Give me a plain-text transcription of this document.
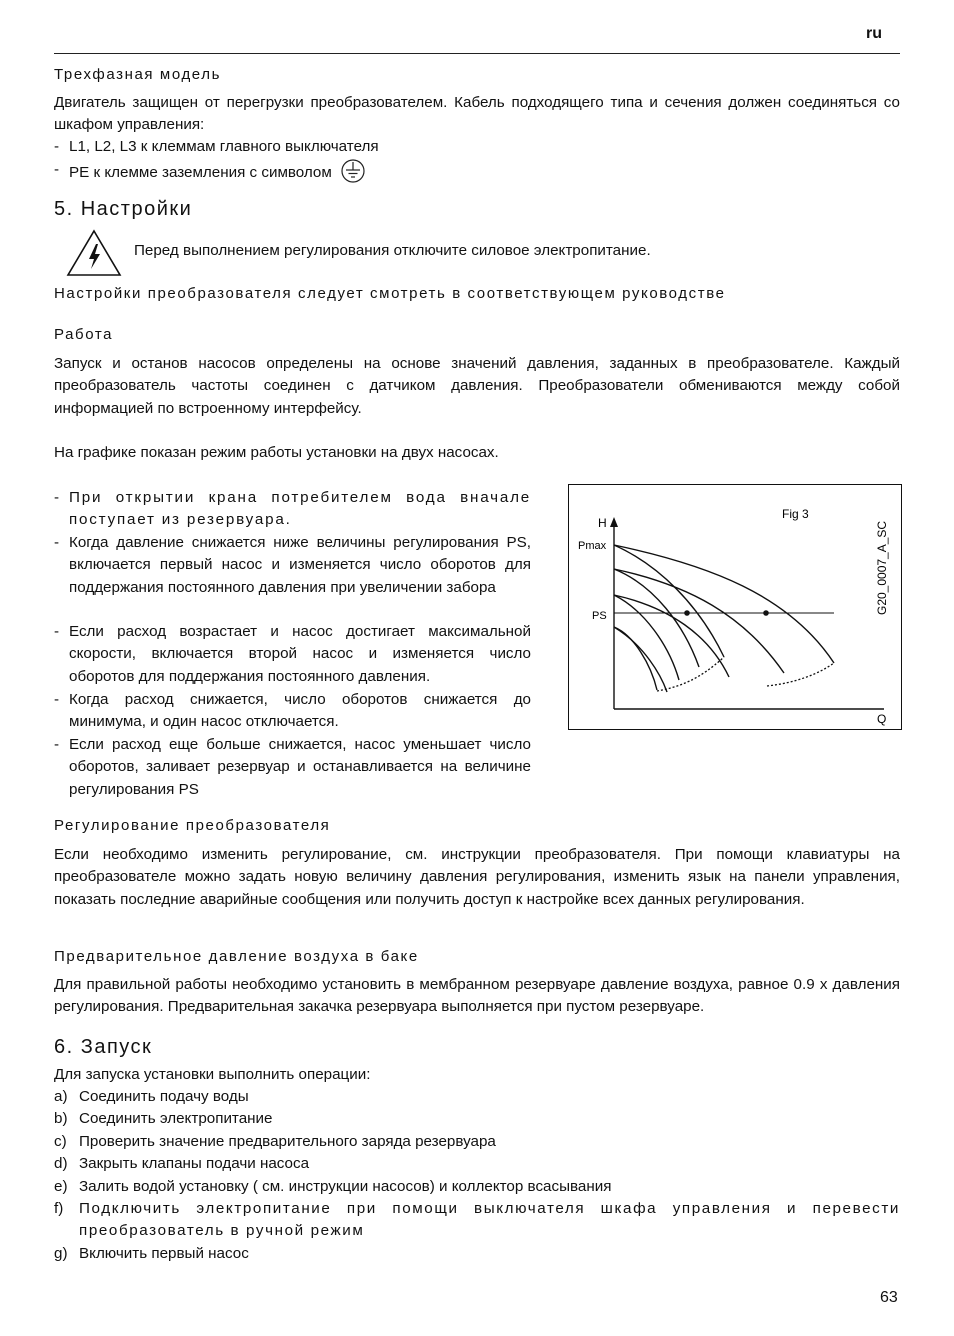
ru
Трехфазная модель
Двигатель защищен от перегрузки преобразователем. Кабель подходящего типа и сечения должен соединяться со шкафом управления:
- L1, L2, L3 к клеммам главного выключателя
- PE к клемме заземления с символом
5. Настройки
Перед выполнением регулирования отключите силовое электропитание.
Настройки преобразователя следует смотреть в соответствующем руководстве
Работа
Запуск и останов насосов определены на основе значений давления, заданных в преобразователе. Каждый преобразователь частоты соединен с датчиком давления. Преобразователи обмениваются между собой информацией по встроенному интерфейсу.
На графике показан режим работы установки на двух насосах.
- При открытии крана потребителем вода вначале поступает из резервуара.
- Когда давление снижается ниже величины регулирования PS, включается первый насос и изменяется число оборотов для поддержания постоянного давления при увеличении забора
- Если расход возрастает и насос достигает максимальной скорости, включается второй насос и изменяется число оборотов для поддержания постоянного давления.
- Когда расход снижается, число оборотов снижается до минимума, и один насос отключается.
- Если расход еще больше снижается, насос уменьшает число оборотов, заливает резервуар и останавливается на величине регулирования PS
Fig 3
G20_0007_A_SC
H
Q
Pmax
PS
Регулирование преобразователя
Если необходимо изменить регулирование, см. инструкции преобразователя. При помощи клавиатуры на преобразователе можно задать новую величину давления регулирования, изменить язык на панели управления, показать последние аварийные сообщения или получить доступ к настройке всех данных регулирования.
Предварительное давление воздуха в баке
Для правильной работы необходимо установить в мембранном резервуаре давление воздуха, равное 0.9 х давления регулирования. Предварительная закачка резервуара выполняется при пустом резервуаре.
6. Запуск
Для запуска установки выполнить операции:
a) Соединить подачу воды
b) Соединить электропитание
c) Проверить значение предварительного заряда резервуара
d) Закрыть клапаны подачи насоса
e) Залить водой установку ( см. инструкции насосов) и коллектор всасывания
f) Подключить электропитание при помощи выключателя шкафа управления и перевести преобразователь в ручной режим
g) Включить первый насос
63
